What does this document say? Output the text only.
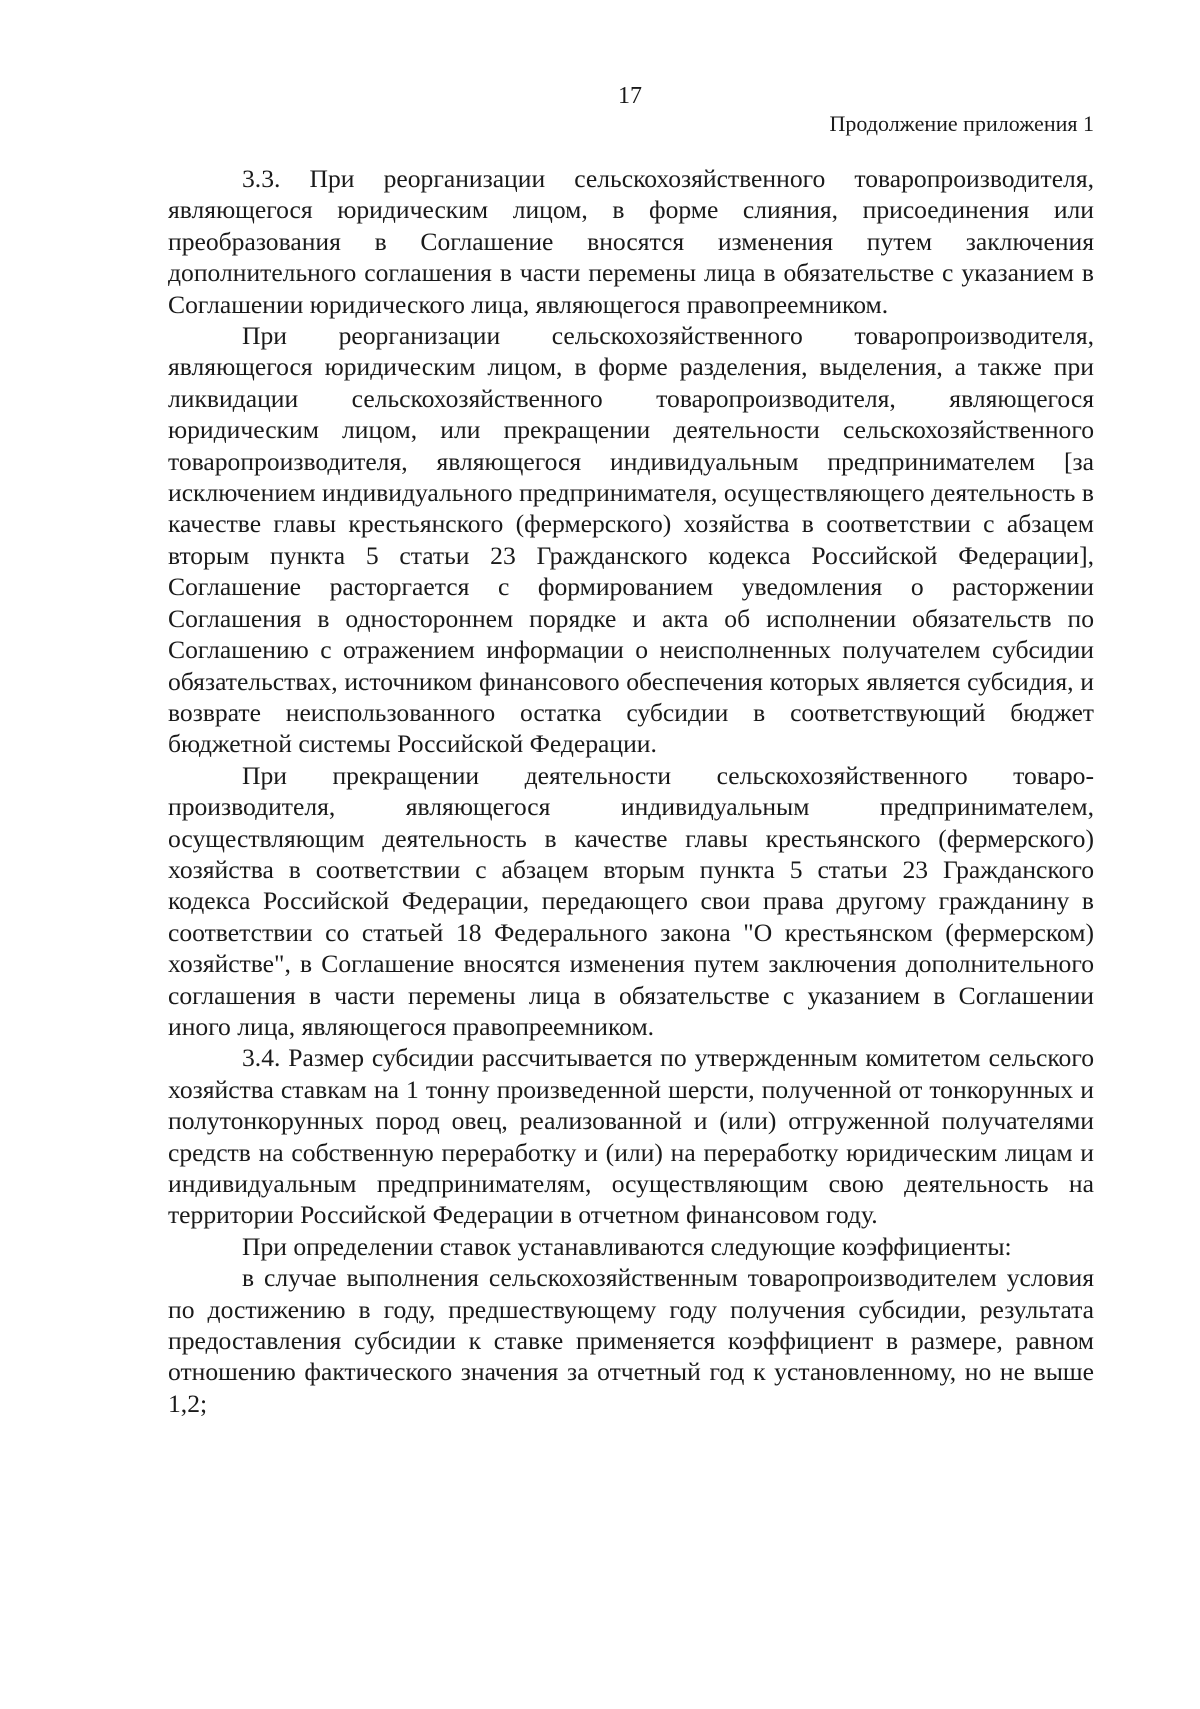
17
Продолжение приложения 1

3.3. При реорганизации сельскохозяйственного товаропроизводителя, являющегося юридическим лицом, в форме слияния, присоединения или преобразования в Соглашение вносятся изменения путем заключения дополнительного соглашения в части перемены лица в обязательстве с указанием в Соглашении юридического лица, являющегося правопреемником.

При реорганизации сельскохозяйственного товаропроизводителя, являющегося юридическим лицом, в форме разделения, выделения, а также при ликвидации сельскохозяйственного товаропроизводителя, являющегося юридическим лицом, или прекращении деятельности сельскохозяйственного товаропроизводителя, являющегося индивидуальным предпринимателем [за исключением индивидуального предпринимателя, осуществляющего деятельность в качестве главы крестьянского (фермерского) хозяйства в соответствии с абзацем вторым пункта 5 статьи 23 Гражданского кодекса Российской Федерации], Соглашение расторгается с формированием уведомления о расторжении Соглашения в одностороннем порядке и акта об исполнении обязательств по Соглашению с отражением информации о неисполненных получателем субсидии обязательствах, источником финансового обеспечения которых является субсидия, и возврате неиспользованного остатка субсидии в соответствующий бюджет бюджетной системы Российской Федерации.

При прекращении деятельности сельскохозяйственного товаропроизводителя, являющегося индивидуальным предпринимателем, осуществляющим деятельность в качестве главы крестьянского (фермерского) хозяйства в соответствии с абзацем вторым пункта 5 статьи 23 Гражданского кодекса Российской Федерации, передающего свои права другому гражданину в соответствии со статьей 18 Федерального закона "О крестьянском (фермерском) хозяйстве", в Соглашение вносятся изменения путем заключения дополнительного соглашения в части перемены лица в обязательстве с указанием в Соглашении иного лица, являющегося правопреемником.

3.4. Размер субсидии рассчитывается по утвержденным комитетом сельского хозяйства ставкам на 1 тонну произведенной шерсти, полученной от тонкорунных и полутонкорунных пород овец, реализованной и (или) отгруженной получателями средств на собственную переработку и (или) на переработку юридическим лицам и индивидуальным предпринимателям, осуществляющим свою деятельность на территории Российской Федерации в отчетном финансовом году.

При определении ставок устанавливаются следующие коэффициенты:

в случае выполнения сельскохозяйственным товаропроизводителем условия по достижению в году, предшествующему году получения субсидии, результата предоставления субсидии к ставке применяется коэффициент в размере, равном отношению фактического значения за отчетный год к установленному, но не выше 1,2;
